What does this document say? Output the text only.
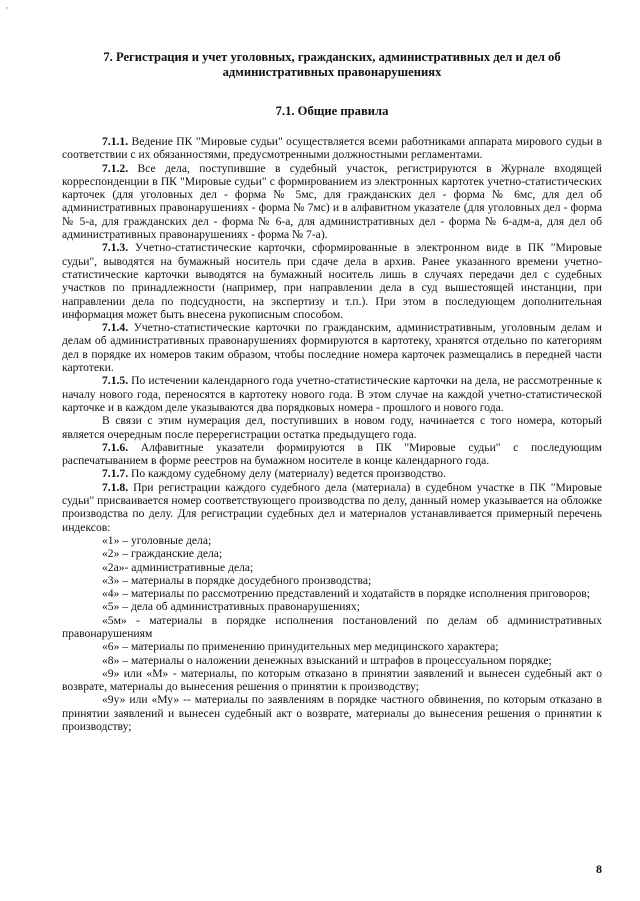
'
7. Регистрация и учет уголовных, гражданских, административных дел и дел об административных правонарушениях
7.1. Общие правила

7.1.1. Ведение ПК "Мировые судьи" осуществляется всеми работниками аппарата мирового судьи в соответствии с их обязанностями, предусмотренными должностными регламентами.

7.1.2. Все дела, поступившие в судебный участок, регистрируются в Журнале входящей корреспонденции в ПК "Мировые судьи" с формированием из электронных картотек учетно-статистических карточек (для уголовных дел - форма № 5мс, для гражданских дел - форма № 6мс, для дел об административных правонарушениях - форма № 7мс) и в алфавитном указателе (для уголовных дел - форма № 5-а, для гражданских дел - форма № 6-а, для административных дел - форма № 6-адм-а, для дел об административных правонарушениях - форма № 7-а).

7.1.3. Учетно-статистические карточки, сформированные в электронном виде в ПК "Мировые судьи", выводятся на бумажный носитель при сдаче дела в архив. Ранее указанного времени учетно-статистические карточки выводятся на бумажный носитель лишь в случаях передачи дел с судебных участков по принадлежности (например, при направлении дела в суд вышестоящей инстанции, при направлении дела по подсудности, на экспертизу и т.п.). При этом в последующем дополнительная информация может быть внесена рукописным способом.

7.1.4. Учетно-статистические карточки по гражданским, административным, уголовным делам и делам об административных правонарушениях формируются в картотеку, хранятся отдельно по категориям дел в порядке их номеров таким образом, чтобы последние номера карточек размещались в передней части картотеки.

7.1.5. По истечении календарного года учетно-статистические карточки на дела, не рассмотренные к началу нового года, переносятся в картотеку нового года. В этом случае на каждой учетно-статистической карточке и в каждом деле указываются два порядковых номера - прошлого и нового года.

В связи с этим нумерация дел, поступивших в новом году, начинается с того номера, который является очередным после перерегистрации остатка предыдущего года.

7.1.6. Алфавитные указатели формируются в ПК "Мировые судьи" с последующим распечатыванием в форме реестров на бумажном носителе в конце календарного года.

7.1.7. По каждому судебному делу (материалу) ведется производство.

7.1.8. При регистрации каждого судебного дела (материала) в судебном участке в ПК "Мировые судьи" присваивается номер соответствующего производства по делу, данный номер указывается на обложке производства по делу. Для регистрации судебных дел и материалов устанавливается примерный перечень индексов:

«1» – уголовные дела;

«2» – гражданские дела;

«2а»- административные дела;

«3» – материалы в порядке досудебного производства;

«4» – материалы по рассмотрению представлений и ходатайств в порядке исполнения приговоров;

«5» – дела об административных правонарушениях;

«5м» - материалы в порядке исполнения постановлений по делам об административных правонарушениям

«6» – материалы по применению принудительных мер медицинского характера;

«8» – материалы о наложении денежных взысканий и штрафов в процессуальном порядке;

«9» или «М» - материалы, по которым отказано в принятии заявлений и вынесен судебный акт о возврате, материалы до вынесения решения о принятии к производству;

«9у» или «Му» -- материалы по заявлениям в порядке частного обвинения, по которым отказано в принятии заявлений и вынесен судебный акт о возврате, материалы до вынесения решения о принятии к производству;

8
